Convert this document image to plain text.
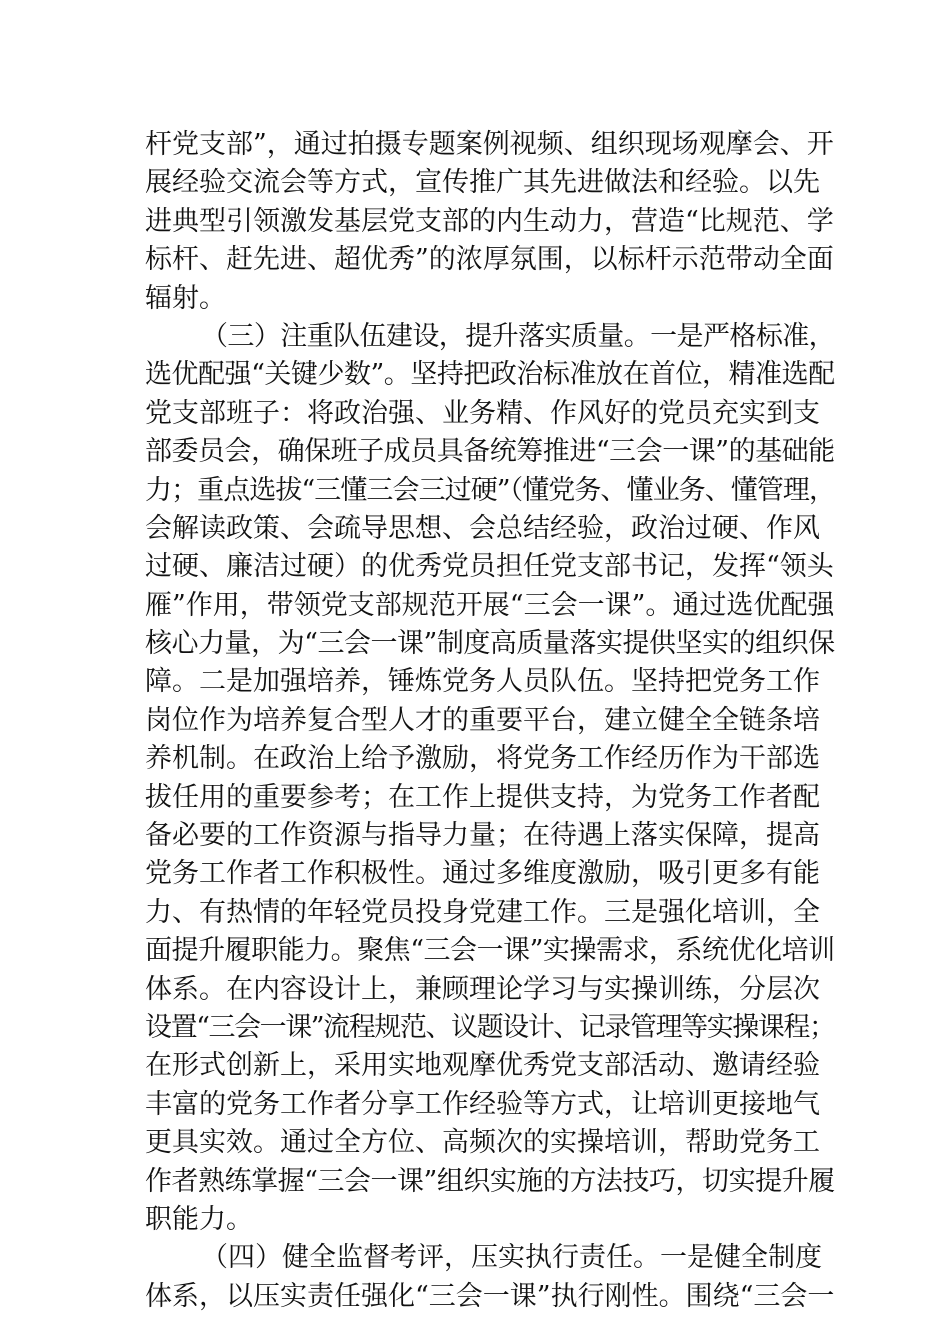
杆党支部”，通过拍摄专题案例视频、组织现场观摩会、开
展经验交流会等方式，宣传推广其先进做法和经验。以先
进典型引领激发基层党支部的内生动力，营造“比规范、学
标杆、赶先进、超优秀”的浓厚氛围，以标杆示范带动全面
辐射。
（三）注重队伍建设，提升落实质量。一是严格标准，
选优配强“关键少数”。坚持把政治标准放在首位，精准选配
党支部班子：将政治强、业务精、作风好的党员充实到支
部委员会，确保班子成员具备统筹推进“三会一课”的基础能
力；重点选拔“三懂三会三过硬”（懂党务、懂业务、懂管理，
会解读政策、会疏导思想、会总结经验，政治过硬、作风
过硬、廉洁过硬）的优秀党员担任党支部书记，发挥“领头
雁”作用，带领党支部规范开展“三会一课”。通过选优配强
核心力量，为“三会一课”制度高质量落实提供坚实的组织保
障。二是加强培养，锤炼党务人员队伍。坚持把党务工作
岗位作为培养复合型人才的重要平台，建立健全全链条培
养机制。在政治上给予激励，将党务工作经历作为干部选
拔任用的重要参考；在工作上提供支持，为党务工作者配
备必要的工作资源与指导力量；在待遇上落实保障，提高
党务工作者工作积极性。通过多维度激励，吸引更多有能
力、有热情的年轻党员投身党建工作。三是强化培训，全
面提升履职能力。聚焦“三会一课”实操需求，系统优化培训
体系。在内容设计上，兼顾理论学习与实操训练，分层次
设置“三会一课”流程规范、议题设计、记录管理等实操课程；
在形式创新上，采用实地观摩优秀党支部活动、邀请经验
丰富的党务工作者分享工作经验等方式，让培训更接地气
更具实效。通过全方位、高频次的实操培训，帮助党务工
作者熟练掌握“三会一课”组织实施的方法技巧，切实提升履
职能力。
（四）健全监督考评，压实执行责任。一是健全制度
体系，以压实责任强化“三会一课”执行刚性。围绕“三会一
